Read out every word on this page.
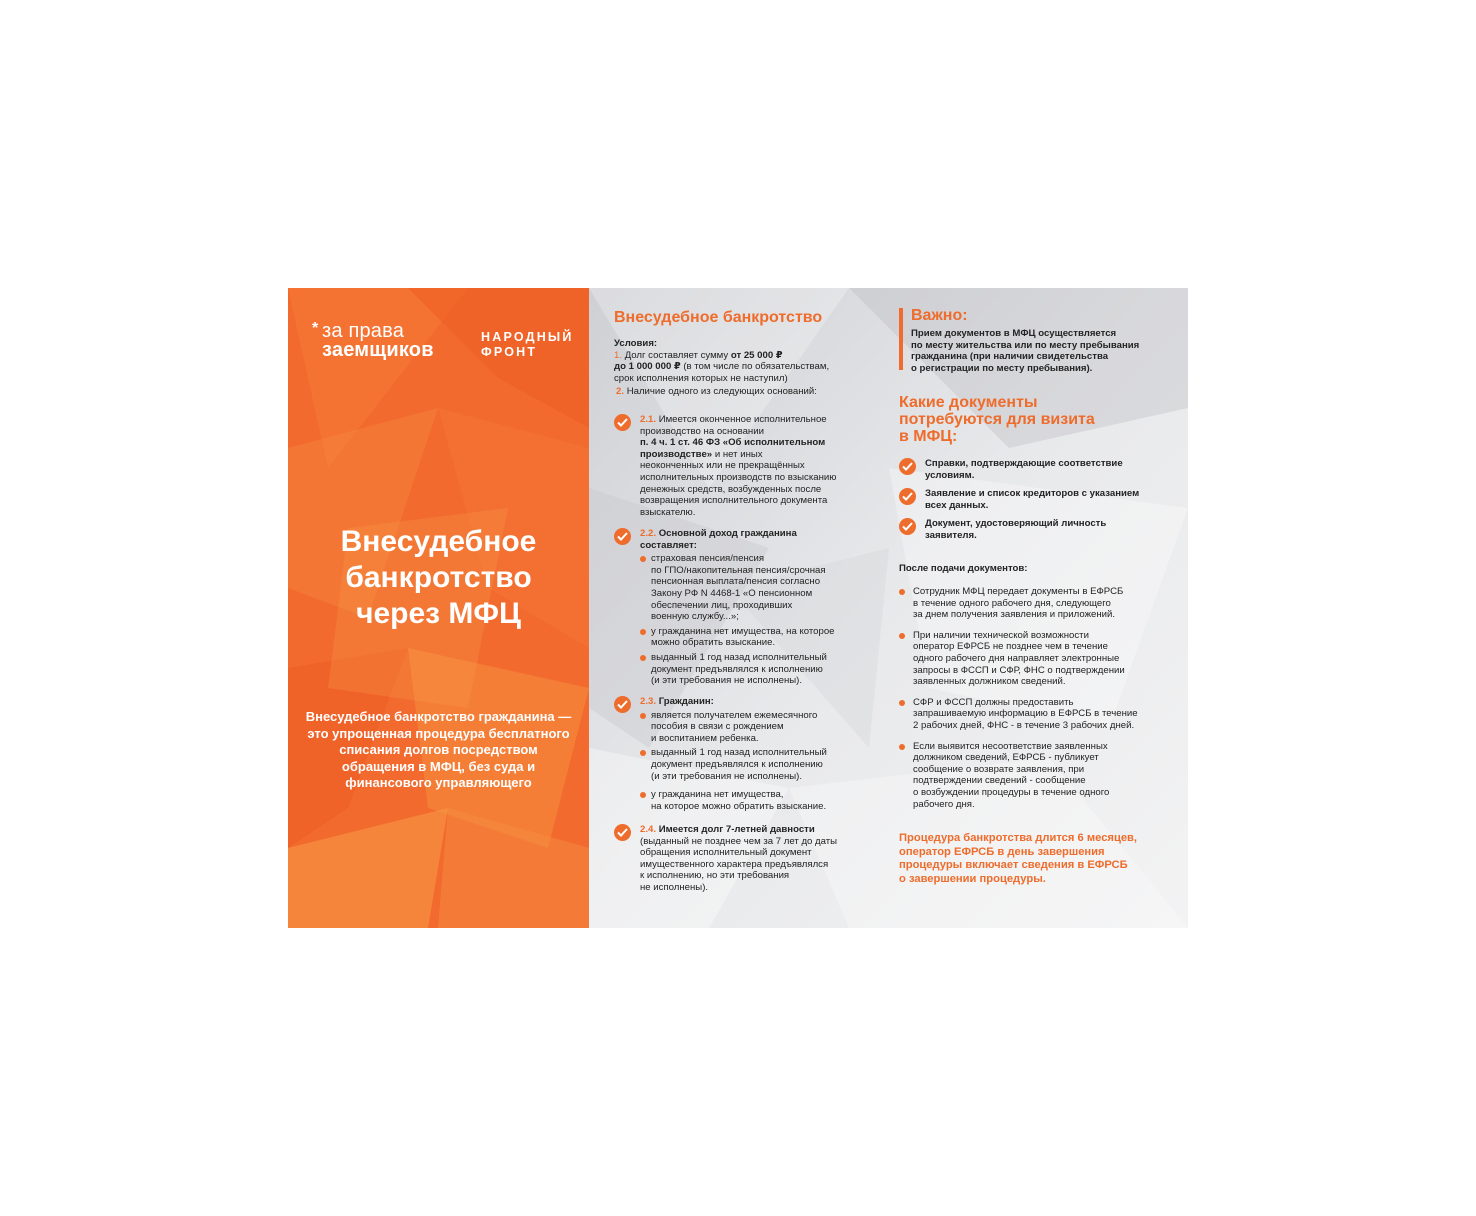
* за права
заемщиков
НАРОДНЫЙ
ФРОНТ
Внесудебное
банкротство
через МФЦ
Внесудебное банкротство гражданина — это упрощенная процедура бесплатного списания долгов посредством обращения в МФЦ, без суда и финансового управляющего
Внесудебное банкротство
Условия:
1. Долг составляет сумму от 25 000 ₽
до 1 000 000 ₽ (в том числе по обязательствам,
срок исполнения которых не наступил)
2. Наличие одного из следующих оснований:
2.1. Имеется оконченное исполнительное
производство на основании
п. 4 ч. 1 ст. 46 ФЗ «Об исполнительном
производстве» и нет иных
неоконченных или не прекращённых
исполнительных производств по взысканию
денежных средств, возбужденных после
возвращения исполнительного документа
взыскателю.
2.2. Основной доход гражданина
составляет:
страховая пенсия/пенсия
по ГПО/накопительная пенсия/срочная
пенсионная выплата/пенсия согласно
Закону РФ N 4468-1 «О пенсионном
обеспечении лиц, проходивших
военную службу...»;
у гражданина нет имущества, на которое
можно обратить взыскание.
выданный 1 год назад исполнительный
документ предъявлялся к исполнению
(и эти требования не исполнены).
2.3. Гражданин:
является получателем ежемесячного
пособия в связи с рождением
и воспитанием ребенка.
выданный 1 год назад исполнительный
документ предъявлялся к исполнению
(и эти требования не исполнены).
у гражданина нет имущества,
на которое можно обратить взыскание.
2.4. Имеется долг 7-летней давности
(выданный не позднее чем за 7 лет до даты
обращения исполнительный документ
имущественного характера предъявлялся
к исполнению, но эти требования
не исполнены).
Важно:
Прием документов в МФЦ осуществляется
по месту жительства или по месту пребывания
гражданина (при наличии свидетельства
о регистрации по месту пребывания).
Какие документы
потребуются для визита
в МФЦ:
Справки, подтверждающие соответствие
условиям.
Заявление и список кредиторов с указанием
всех данных.
Документ, удостоверяющий личность
заявителя.
После подачи документов:
Сотрудник МФЦ передает документы в ЕФРСБ
в течение одного рабочего дня, следующего
за днем получения заявления и приложений.
При наличии технической возможности
оператор ЕФРСБ не позднее чем в течение
одного рабочего дня направляет электронные
запросы в ФССП и СФР, ФНС о подтверждении
заявленных должником сведений.
СФР и ФССП должны предоставить
запрашиваемую информацию в ЕФРСБ в течение
2 рабочих дней, ФНС - в течение 3 рабочих дней.
Если выявится несоответствие заявленных
должником сведений, ЕФРСБ - публикует
сообщение о возврате заявления, при
подтверждении сведений - сообщение
о возбуждении процедуры в течение одного
рабочего дня.
Процедура банкротства длится 6 месяцев,
оператор ЕФРСБ в день завершения
процедуры включает сведения в ЕФРСБ
о завершении процедуры.
